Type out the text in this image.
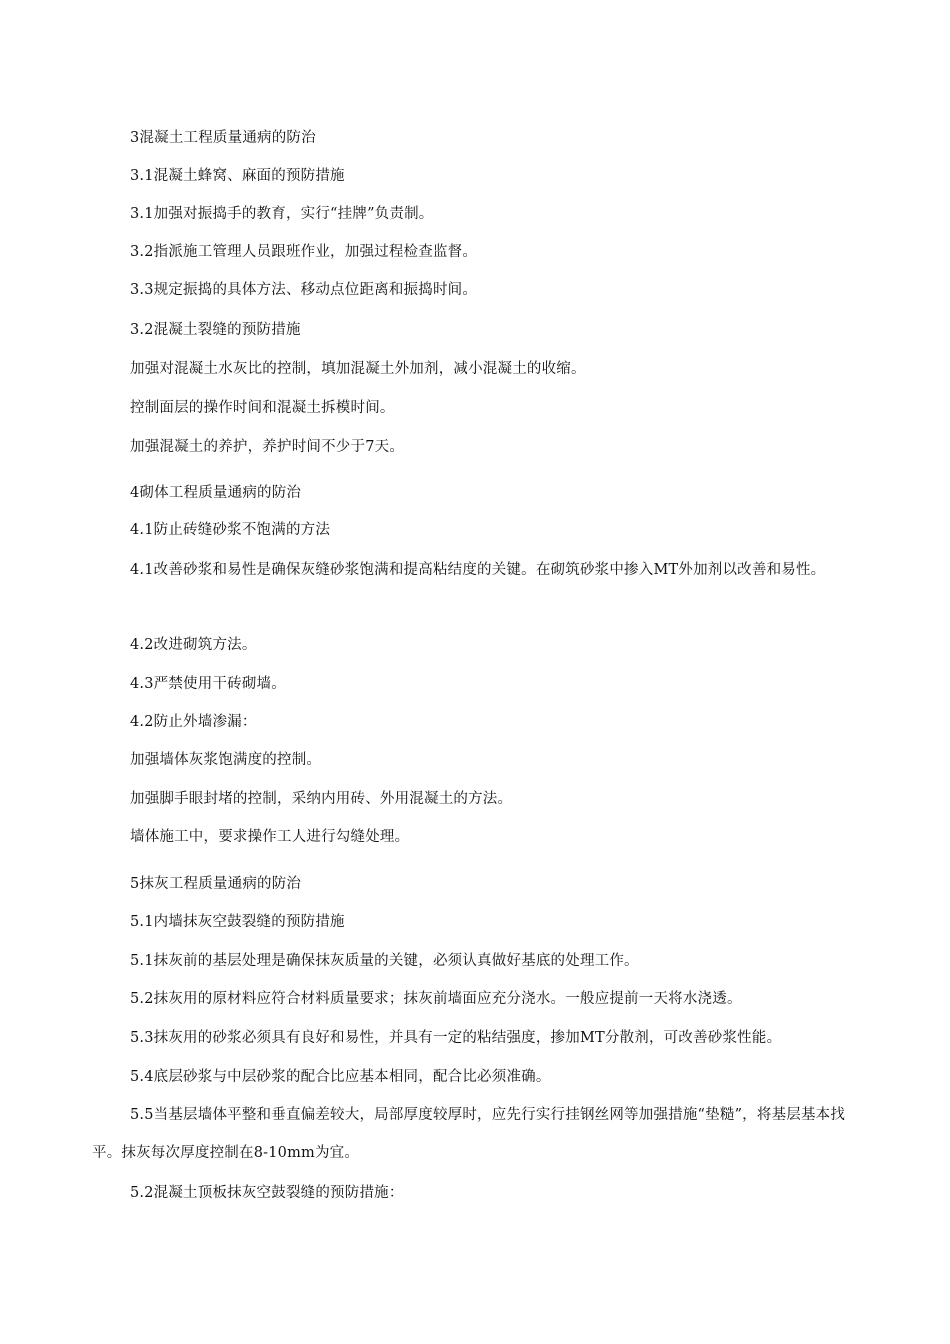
3混凝土工程质量通病的防治

3.1混凝土蜂窝、麻面的预防措施

3.1加强对振捣手的教育，实行“挂牌”负责制。

3.2指派施工管理人员跟班作业，加强过程检查监督。

3.3规定振捣的具体方法、移动点位距离和振捣时间。

3.2混凝土裂缝的预防措施

加强对混凝土水灰比的控制，填加混凝土外加剂，减小混凝土的收缩。

控制面层的操作时间和混凝土拆模时间。

加强混凝土的养护，养护时间不少于7天。

4砌体工程质量通病的防治

4.1防止砖缝砂浆不饱满的方法

4.1改善砂浆和易性是确保灰缝砂浆饱满和提高粘结度的关键。在砌筑砂浆中掺入MT外加剂以改善和易性。

4.2改进砌筑方法。

4.3严禁使用干砖砌墙。

4.2防止外墙渗漏：

加强墙体灰浆饱满度的控制。

加强脚手眼封堵的控制，采纳内用砖、外用混凝土的方法。

墙体施工中，要求操作工人进行勾缝处理。

5抹灰工程质量通病的防治

5.1内墙抹灰空鼓裂缝的预防措施

5.1抹灰前的基层处理是确保抹灰质量的关键，必须认真做好基底的处理工作。

5.2抹灰用的原材料应符合材料质量要求；抹灰前墙面应充分浇水。一般应提前一天将水浇透。

5.3抹灰用的砂浆必须具有良好和易性，并具有一定的粘结强度，掺加MT分散剂，可改善砂浆性能。

5.4底层砂浆与中层砂浆的配合比应基本相同，配合比必须准确。

5.5当基层墙体平整和垂直偏差较大，局部厚度较厚时，应先行实行挂钢丝网等加强措施“垫糙”，将基层基本找平。抹灰每次厚度控制在8-10mm为宜。

5.2混凝土顶板抹灰空鼓裂缝的预防措施：
